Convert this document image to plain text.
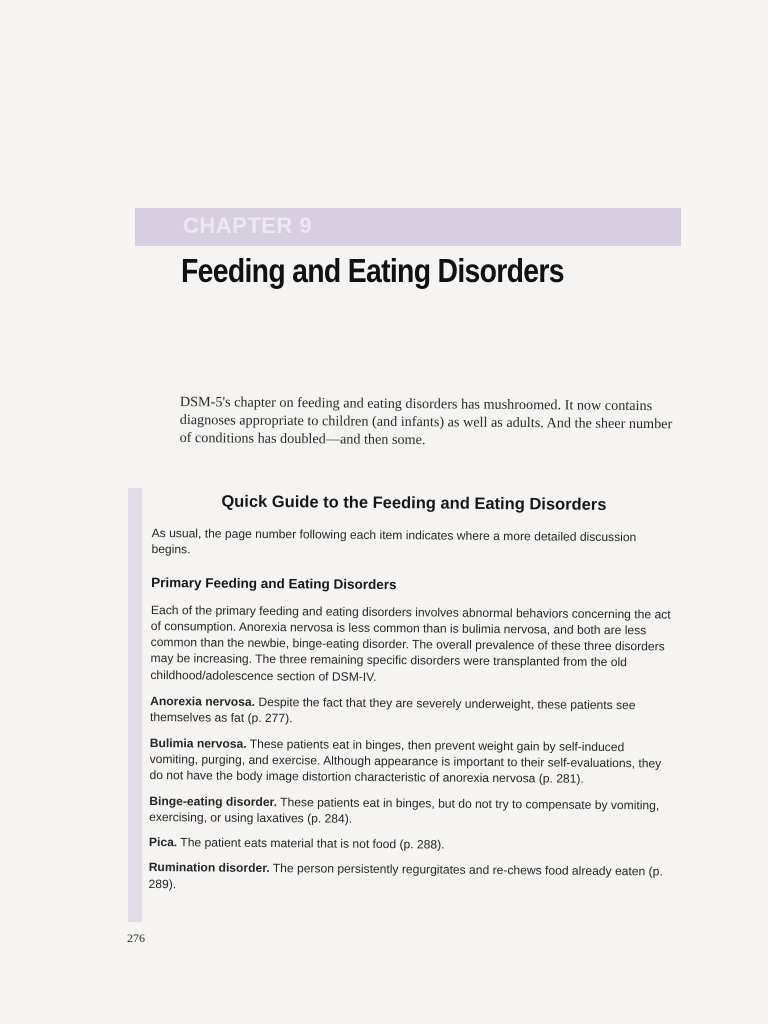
CHAPTER 9
Feeding and Eating Disorders

DSM-5's chapter on feeding and eating disorders has mushroomed. It now contains diagnoses appropriate to children (and infants) as well as adults. And the sheer number of conditions has doubled—and then some.

Quick Guide to the Feeding and Eating Disorders

As usual, the page number following each item indicates where a more detailed discussion begins.

Primary Feeding and Eating Disorders

Each of the primary feeding and eating disorders involves abnormal behaviors concerning the act of consumption. Anorexia nervosa is less common than is bulimia nervosa, and both are less common than the newbie, binge-eating disorder. The overall prevalence of these three disorders may be increasing. The three remaining specific disorders were transplanted from the old childhood/adolescence section of DSM-IV.

Anorexia nervosa. Despite the fact that they are severely underweight, these patients see themselves as fat (p. 277).

Bulimia nervosa. These patients eat in binges, then prevent weight gain by self-induced vomiting, purging, and exercise. Although appearance is important to their self-evaluations, they do not have the body image distortion characteristic of anorexia nervosa (p. 281).

Binge-eating disorder. These patients eat in binges, but do not try to compensate by vomiting, exercising, or using laxatives (p. 284).

Pica. The patient eats material that is not food (p. 288).

Rumination disorder. The person persistently regurgitates and re-chews food already eaten (p. 289).

276
